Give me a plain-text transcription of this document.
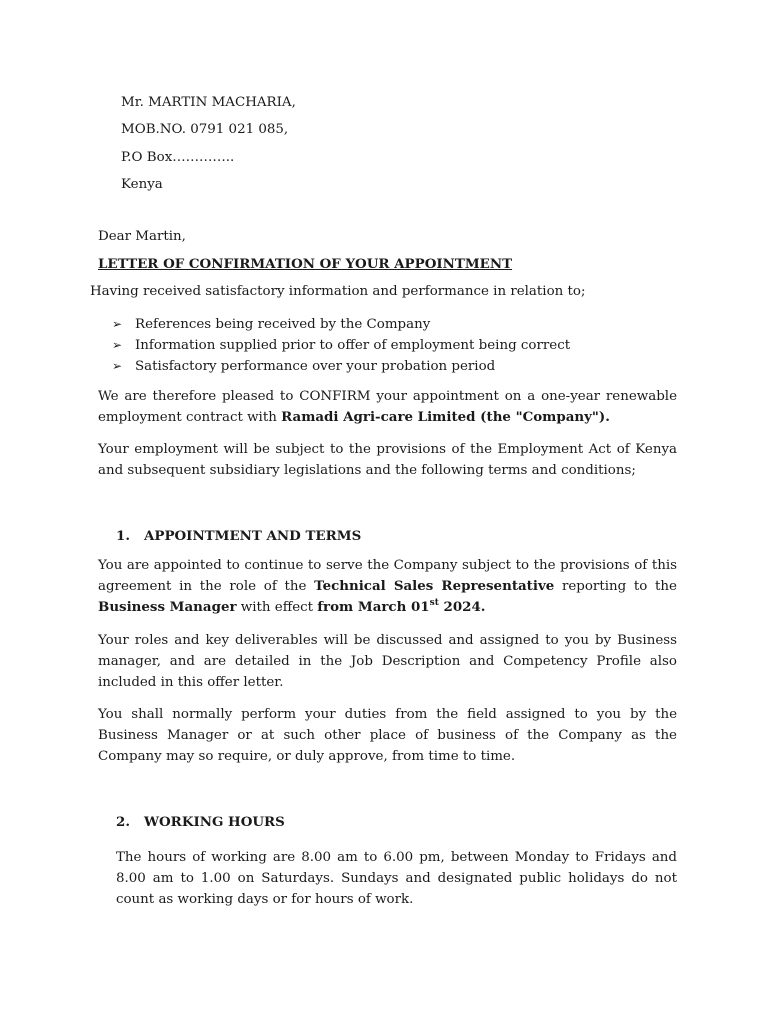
Mr. MARTIN MACHARIA,
MOB.NO. 0791 021 085,
P.O Box…………..
Kenya
Dear Martin,
LETTER OF CONFIRMATION OF YOUR APPOINTMENT
Having received satisfactory information and performance in relation to;
➢ References being received by the Company
➢ Information supplied prior to offer of employment being correct
➢ Satisfactory performance over your probation period
We are therefore pleased to CONFIRM your appointment on a one-year renewable employment contract with Ramadi Agri-care Limited (the "Company").
Your employment will be subject to the provisions of the Employment Act of Kenya and subsequent subsidiary legislations and the following terms and conditions;
1. APPOINTMENT AND TERMS
You are appointed to continue to serve the Company subject to the provisions of this agreement in the role of the Technical Sales Representative reporting to the Business Manager with effect from March 01st 2024.
Your roles and key deliverables will be discussed and assigned to you by Business manager, and are detailed in the Job Description and Competency Profile also included in this offer letter.
You shall normally perform your duties from the field assigned to you by the Business Manager or at such other place of business of the Company as the Company may so require, or duly approve, from time to time.
2. WORKING HOURS
The hours of working are 8.00 am to 6.00 pm, between Monday to Fridays and 8.00 am to 1.00 on Saturdays. Sundays and designated public holidays do not count as working days or for hours of work.
